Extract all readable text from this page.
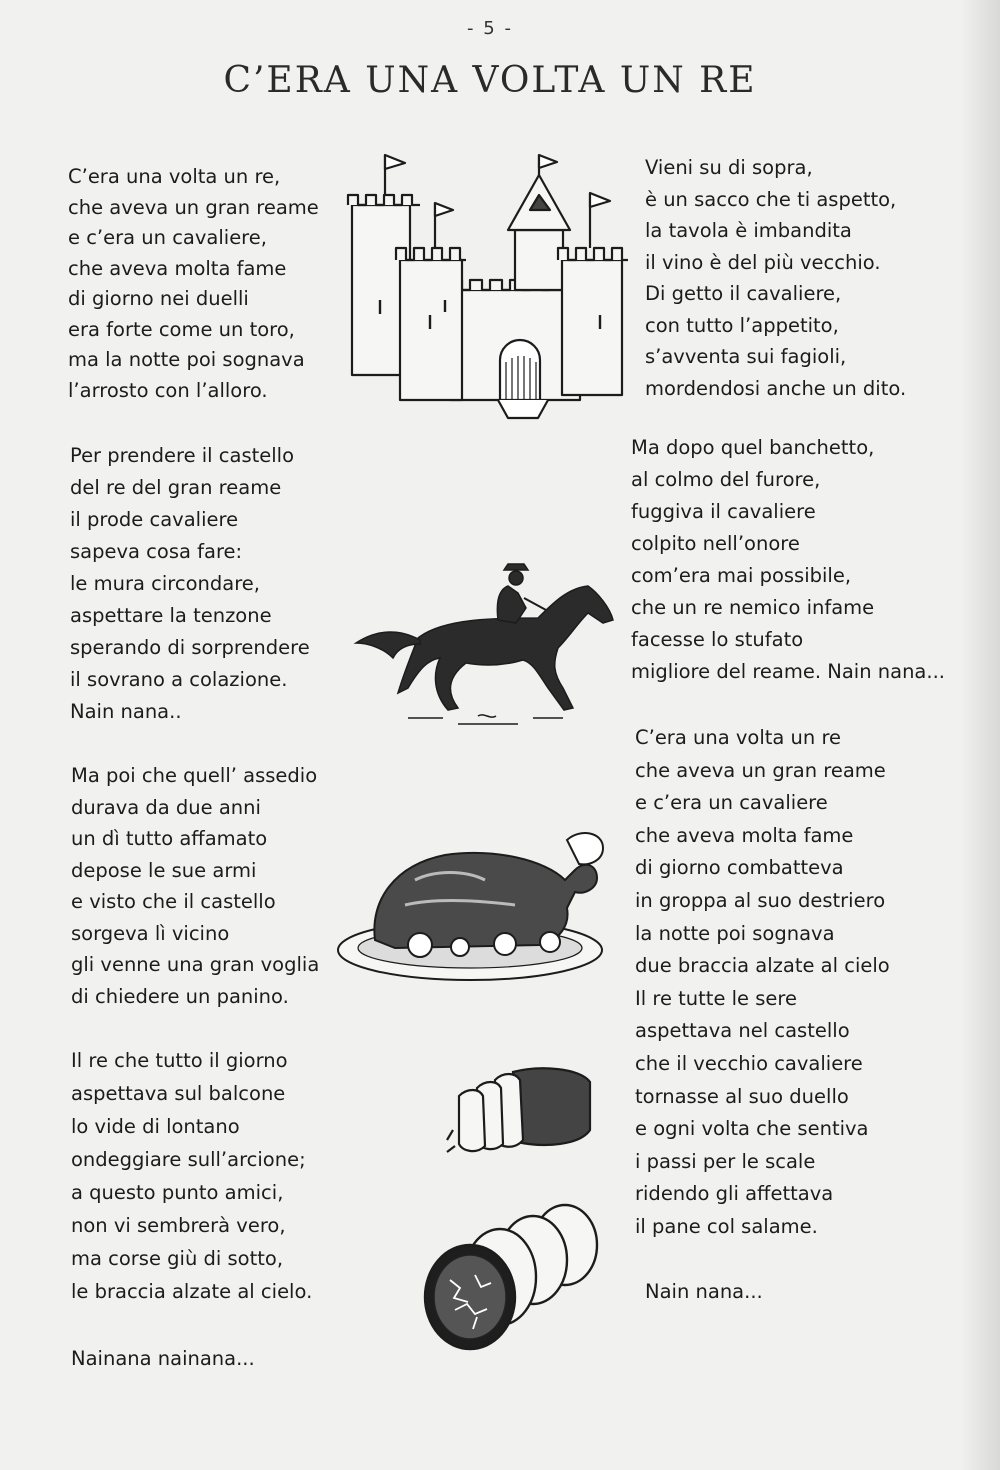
- 5 -
C’ERA UNA VOLTA UN RE
C’era una volta un re,
che aveva un gran reame
e c’era un cavaliere,
che aveva molta fame
di giorno nei duelli
era forte come un toro,
ma la notte poi sognava
l’arrosto con l’alloro.
Per prendere il castello
del re del gran reame
il prode cavaliere
sapeva cosa fare:
le mura circondare,
aspettare la tenzone
sperando di sorprendere
il sovrano a colazione.
Nain nana..
Ma poi che quell’ assedio
durava da due anni
un dì tutto affamato
depose le sue armi
e visto che il castello
sorgeva lì vicino
gli venne una gran voglia
di chiedere un panino.
Il re che tutto il giorno
aspettava sul balcone
lo vide di lontano
ondeggiare sull’arcione;
a questo punto amici,
non vi sembrerà vero,
ma corse giù di sotto,
le braccia alzate al cielo.
Nainana nainana...
Vieni su di sopra,
è un sacco che ti aspetto,
la tavola è imbandita
il vino è del più vecchio.
Di getto il cavaliere,
con tutto l’appetito,
s’avventa sui fagioli,
mordendosi anche un dito.
Ma dopo quel banchetto,
al colmo del furore,
fuggiva il cavaliere
colpito nell’onore
com’era mai possibile,
che un re nemico infame
facesse lo stufato
migliore del reame. Nain nana...
C’era una volta un re
che aveva un gran reame
e c’era un cavaliere
che aveva molta fame
di giorno combatteva
in groppa al suo destriero
la notte poi sognava
due braccia alzate al cielo
Il re tutte le sere
aspettava nel castello
che il vecchio cavaliere
tornasse al suo duello
e ogni volta che sentiva
i passi per le scale
ridendo gli affettava
il pane col salame.
Nain nana...
